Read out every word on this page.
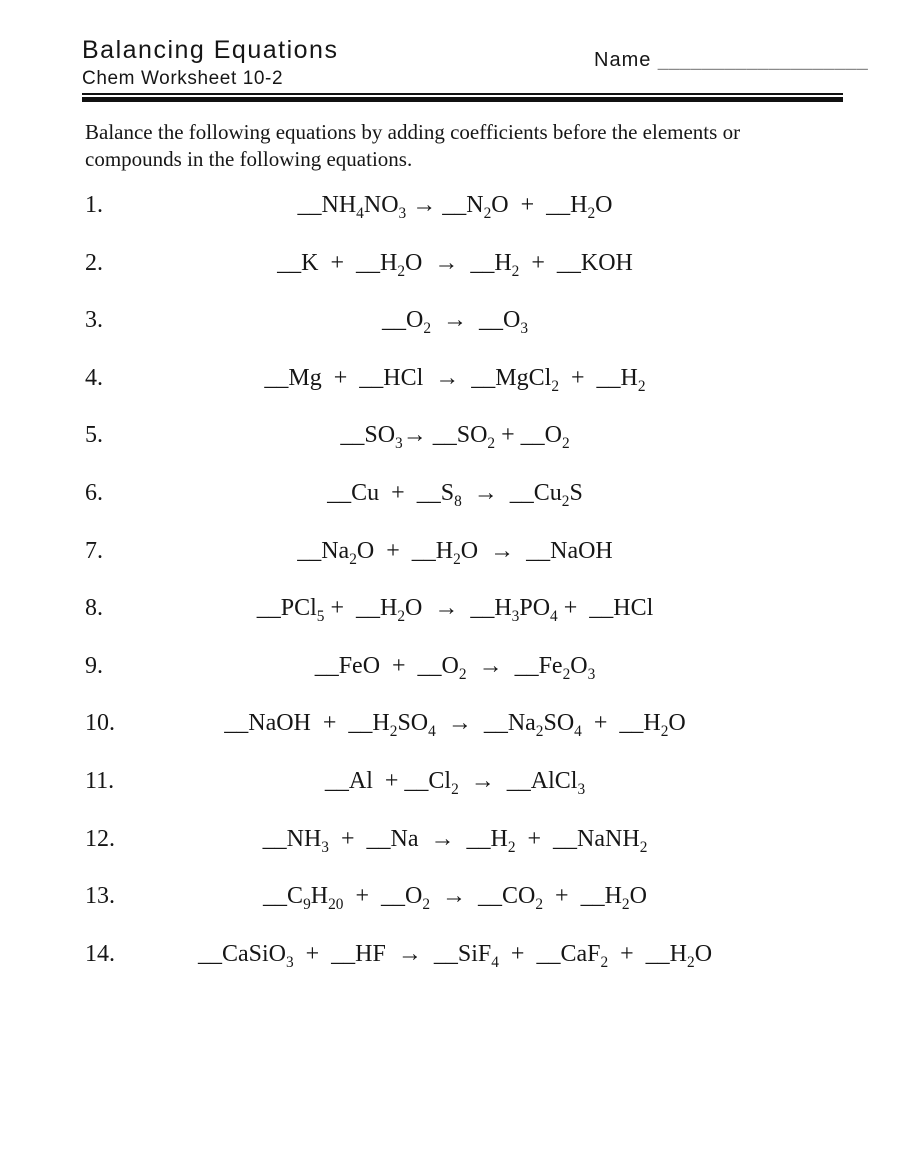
Balancing Equations
Chem Worksheet 10-2
Name ___________________
Balance the following equations by adding coefficients before the elements or
compounds in the following equations.
1.	$\_\_NH_4NO_3$ → $\_\_N_2O$  +  $\_\_H_2O$
2.	__K  +  $\_\_H_2O$  →  $\_\_H_2$  +  __KOH
3.	$\_\_O_2$  →  $\_\_O_3$
4.	__Mg  +  __HCl  →  __MgCl$_2$  +  $\_\_H_2$
5.	$\_\_SO_3\to$ $\_\_SO_2$ + $\_\_O_2$
6.	__Cu  +  $\_\_S_8$  →  $\_\_Cu_2S$
7.	$\_\_Na_2O$  +  $\_\_H_2O$  →  __NaOH
8.	__PCl$_5$ +  $\_\_H_2O$  →  $\_\_H_3PO_4$ +  __HCl
9.	__FeO  +  $\_\_O_2$  →  $\_\_Fe_2O_3$
10.	__NaOH  +  $\_\_H_2SO_4$  →  $\_\_Na_2SO_4$  +  $\_\_H_2O$
11.	__Al  + $\_\_Cl_2$  →  __AlCl$_3$
12.	$\_\_NH_3$  +  __Na  →  $\_\_H_2$  +  __NaNH$_2$
13.	$\_\_C_9H_{20}$  +  $\_\_O_2$  →  $\_\_CO_2$  +  $\_\_H_2O$
14.	__CaSiO$_3$  +  __HF  →  __SiF$_4$  +  __CaF$_2$  +  $\_\_H_2O$
